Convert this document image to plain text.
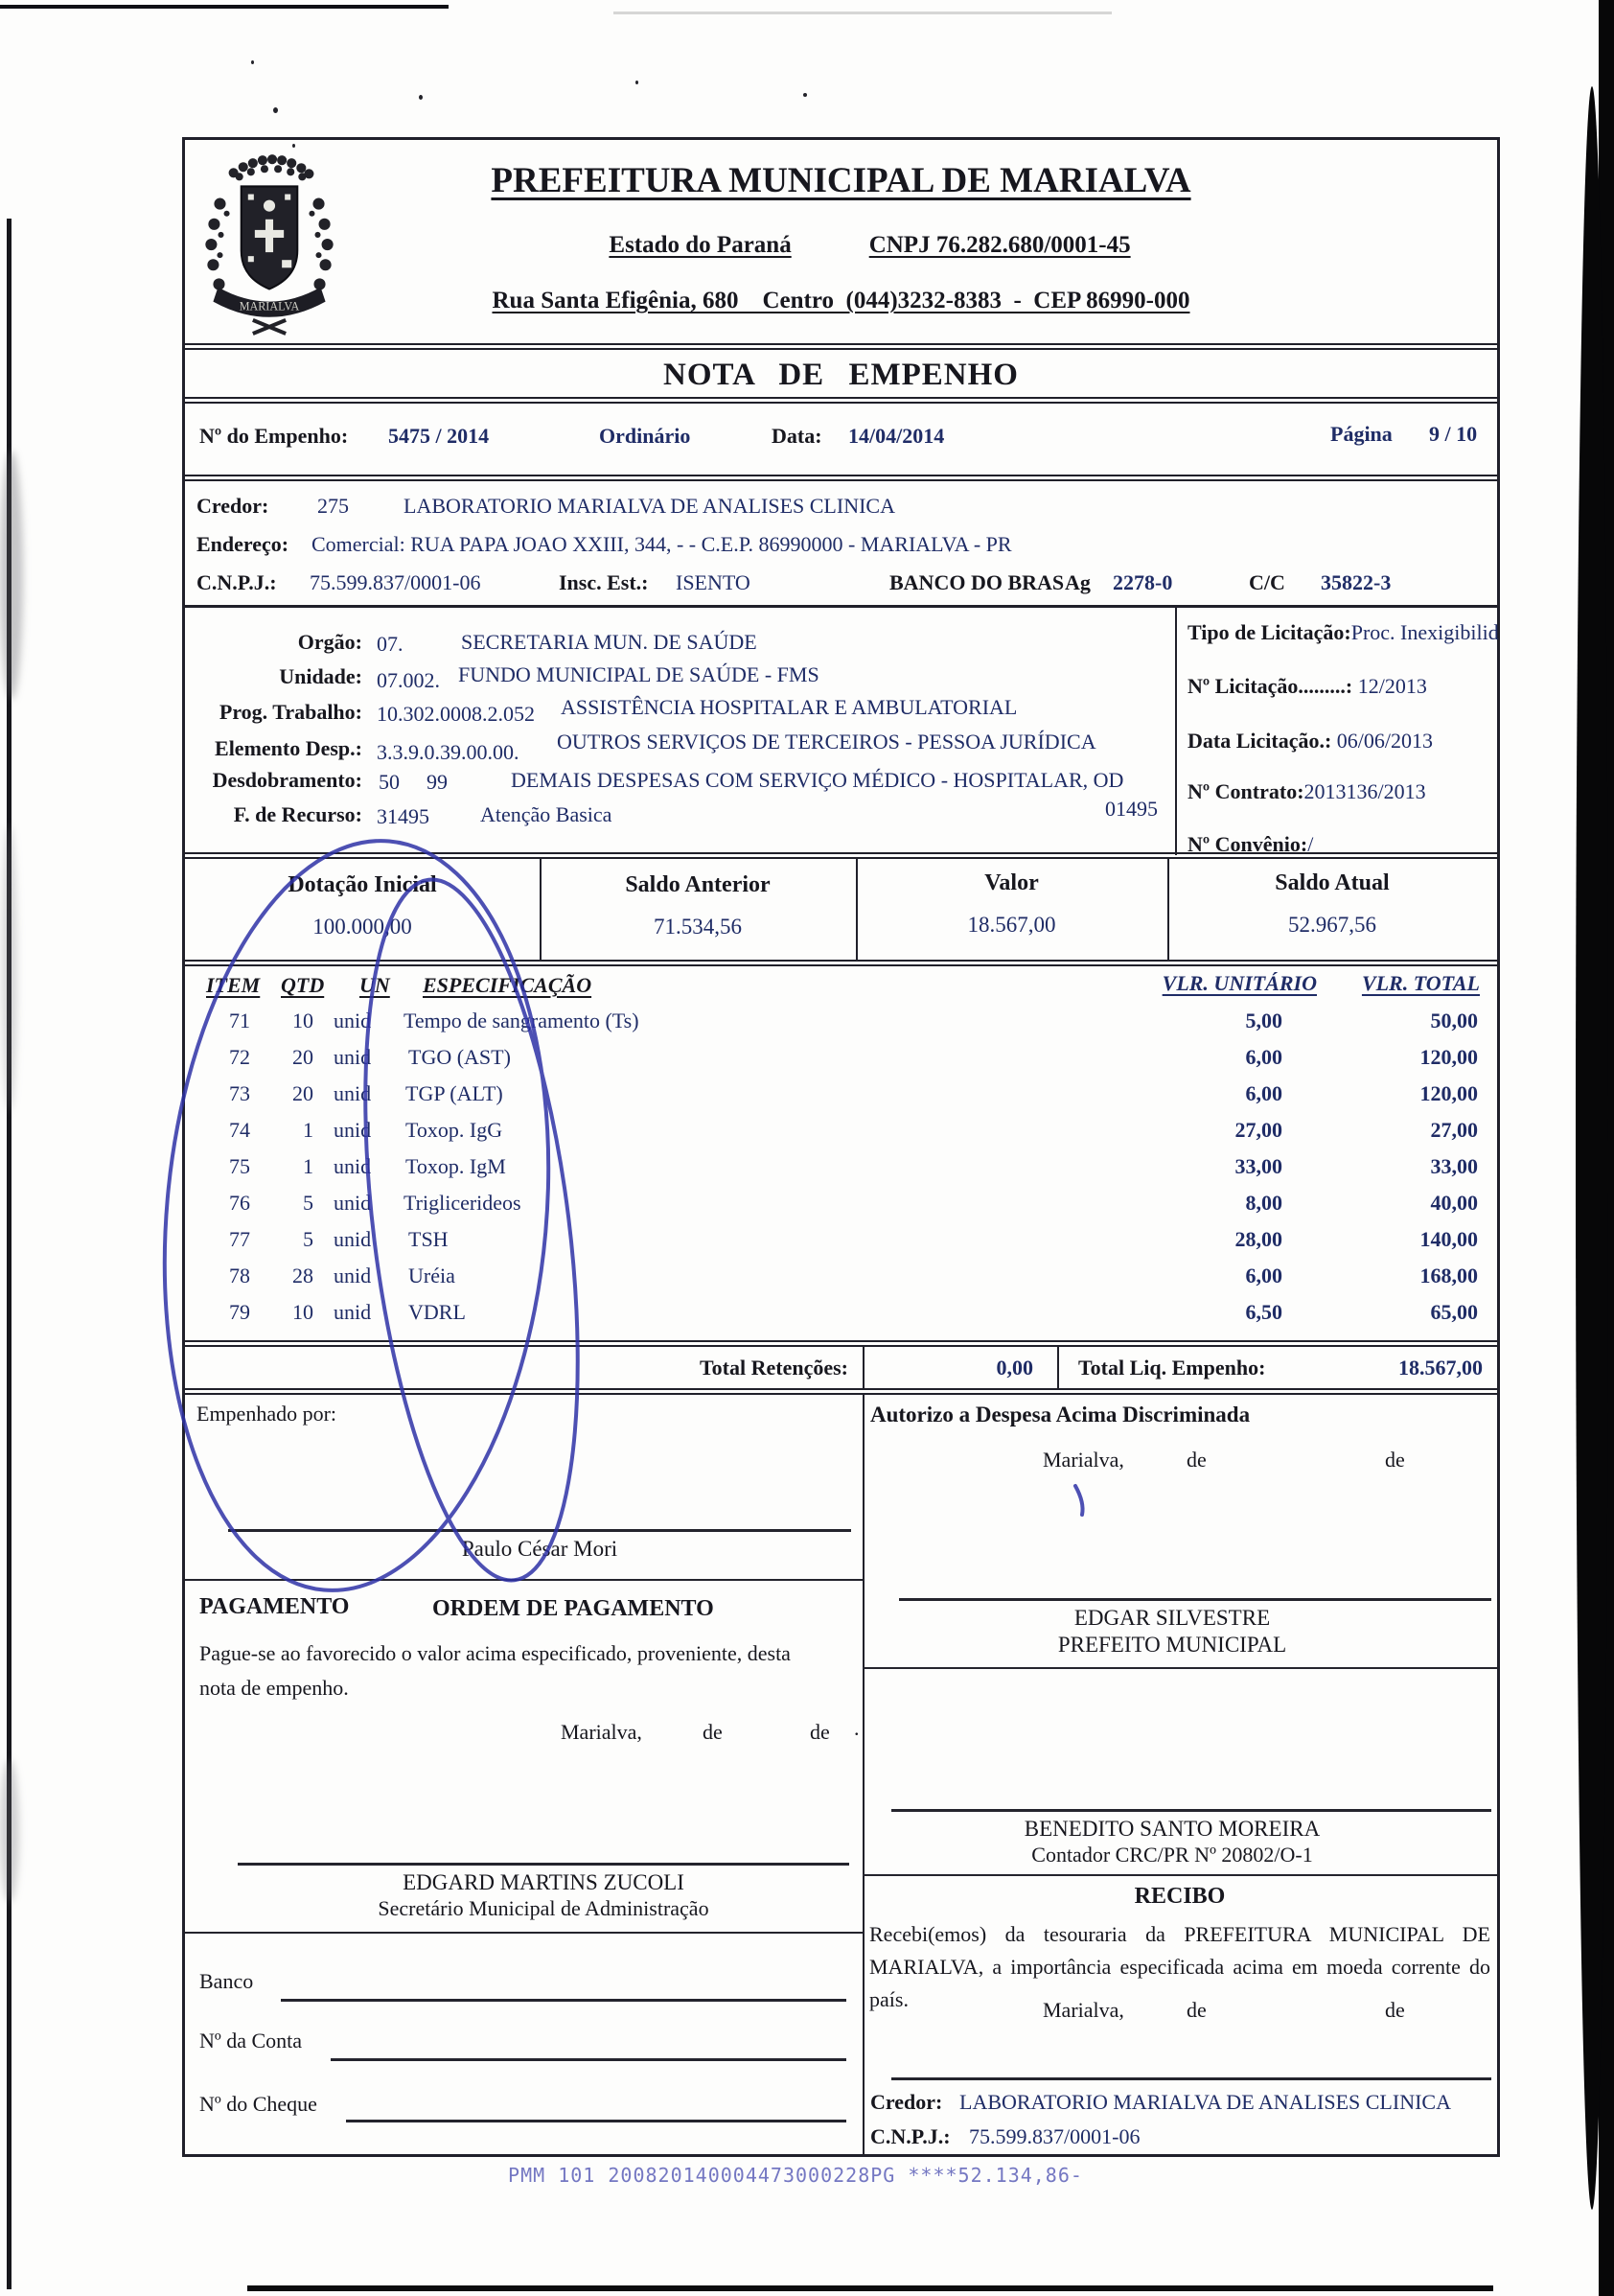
MARIALVA
PREFEITURA MUNICIPAL DE MARIALVA
Estado do Paraná	CNPJ 76.282.680/0001-45
Rua Santa Efigênia, 680    Centro  (044)3232-8383  -  CEP 86990-000
NOTA DE EMPENHO
Nº do Empenho: 5475 / 2014	Ordinário	Data: 14/04/2014	Página 9 / 10
Credor: 275	LABORATORIO MARIALVA DE ANALISES CLINICA
Endereço: Comercial: RUA PAPA JOAO XXIII, 344, - - C.E.P. 86990000 - MARIALVA - PR
C.N.P.J.: 75.599.837/0001-06	Insc. Est.: ISENTO	BANCO DO BRAS Ag 2278-0	C/C 35822-3
Orgão: 07.	SECRETARIA MUN. DE SAÚDE
Unidade: 07.002. FUNDO MUNICIPAL DE SAÚDE - FMS
Prog. Trabalho: 10.302.0008.2.052 ASSISTÊNCIA HOSPITALAR E AMBULATORIAL
Elemento Desp.: 3.3.9.0.39.00.00. OUTROS SERVIÇOS DE TERCEIROS - PESSOA JURÍDICA
Desdobramento: 50 99	DEMAIS DESPESAS COM SERVIÇO MÉDICO - HOSPITALAR, OD
F. de Recurso: 31495 Atenção Basica	01495
Tipo de Licitação:Proc. Inexigibilid
Nº Licitação.........: 12/2013
Data Licitação.: 06/06/2013
Nº Contrato:2013136/2013
Nº Convênio:/
Dotação Inicial	Saldo Anterior	Valor	Saldo Atual
100.000,00	71.534,56	18.567,00	52.967,56
ITEM QTD UN ESPECIFICAÇÃO	VLR. UNITÁRIO VLR. TOTAL
71	10 unid Tempo de sangramento (Ts)	5,00	50,00
72	20 unid TGO (AST)	6,00	120,00
73	20 unid TGP (ALT)	6,00	120,00
74	1 unid Toxop. IgG	27,00	27,00
75	1 unid Toxop. IgM	33,00	33,00
76	5 unid Triglicerideos	8,00	40,00
77	5 unid TSH	28,00	140,00
78	28 unid Uréia	6,00	168,00
79	10 unid VDRL	6,50	65,00
Total Retenções:	0,00 Total Liq. Empenho:	18.567,00
Empenhado por:
Paulo César Mori
PAGAMENTO	ORDEM DE PAGAMENTO
Pague-se ao favorecido o valor acima especificado, proveniente, desta nota de empenho.
Marialva,	de	de .
EDGARD MARTINS ZUCOLI
Secretário Municipal de Administração
Banco
Nº da Conta
Nº do Cheque
Autorizo a Despesa Acima Discriminada
Marialva,	de	de
EDGAR SILVESTRE
PREFEITO MUNICIPAL
BENEDITO SANTO MOREIRA
Contador CRC/PR Nº 20802/O-1
RECIBO
Recebi(emos) da tesouraria da PREFEITURA MUNICIPAL DE MARIALVA, a importância especificada acima em moeda corrente do país.	Marialva,	de	de
Credor: LABORATORIO MARIALVA DE ANALISES CLINICA
C.N.P.J.: 75.599.837/0001-06
PMM 101 200820140004473000228PG ****52.134,86-
